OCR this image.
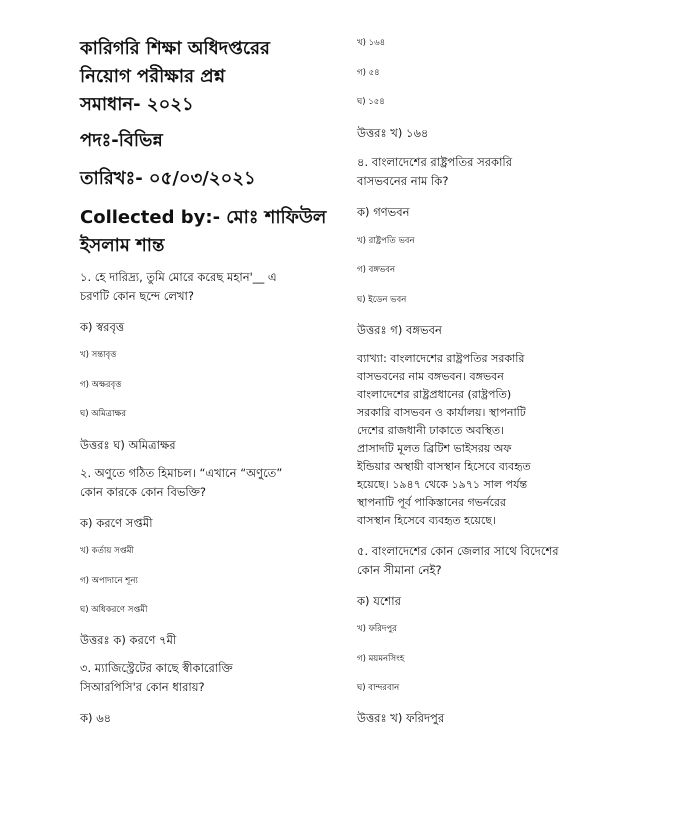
কারিগরি শিক্ষা অধিদপ্তরের
নিয়োগ পরীক্ষার প্রশ্ন
সমাধান- ২০২১
পদঃ-বিভিন্ন
তারিখঃ- ০৫/০৩/২০২১
Collected by:- মোঃ শাফিউল
ইসলাম শান্ত
১. হে দারিদ্র্য, তুমি মোরে করেছ মহান'__ এ
চরণটি কোন ছন্দে লেখা?
ক) স্বরবৃত্ত
খ) সন্তাবৃত্ত
গ) অক্ষরবৃত্ত
ঘ) অমিত্রাক্ষর
উত্তরঃ ঘ) অমিত্রাক্ষর
২. অণুতে গঠিত হিমাচল। “এখানে “অণুতে”
কোন কারকে কোন বিভক্তি?
ক) করণে সপ্তমী
খ) কর্তায় সপ্তমী
গ) অপাদানে শূন্য
ঘ) অধিকরণে সপ্তমী
উত্তরঃ ক) করণে ৭মী
৩. ম্যাজিস্ট্রেটের কাছে স্বীকারোক্তি
সিআরপিসি'র কোন ধারায়?
ক) ৬৪
খ) ১৬৪
গ) ৫৪
ঘ) ১৫৪
উত্তরঃ খ) ১৬৪
৪. বাংলাদেশের রাষ্ট্রপতির সরকারি
বাসভবনের নাম কি?
ক) গণভবন
খ) রাষ্ট্রপতি ভবন
গ) বঙ্গভবন
ঘ) ইডেন ভবন
উত্তরঃ গ) বঙ্গভবন
ব্যাখ্যা: বাংলাদেশের রাষ্ট্রপতির সরকারি
বাসভবনের নাম বঙ্গভবন। বঙ্গভবন
বাংলাদেশের রাষ্ট্রপ্রধানের (রাষ্ট্রপতি)
সরকারি বাসভবন ও কার্যালয়। স্থাপনাটি
দেশের রাজধানী ঢাকাতে অবস্থিত।
প্রাসাদটি মূলত ব্রিটিশ ভাইসরয় অফ
ইন্ডিয়ার অস্থায়ী বাসস্থান হিসেবে ব্যবহৃত
হয়েছে। ১৯৪৭ থেকে ১৯৭১ সাল পর্যন্ত
স্থাপনাটি পূর্ব পাকিস্তানের গভর্নরের
বাসস্থান হিসেবে ব্যবহৃত হয়েছে।
৫. বাংলাদেশের কোন জেলার সাথে বিদেশের
কোন সীমানা নেই?
ক) যশোর
খ) ফরিদপুর
গ) ময়মনসিংহ
ঘ) বান্দরবান
উত্তরঃ খ) ফরিদপুর
